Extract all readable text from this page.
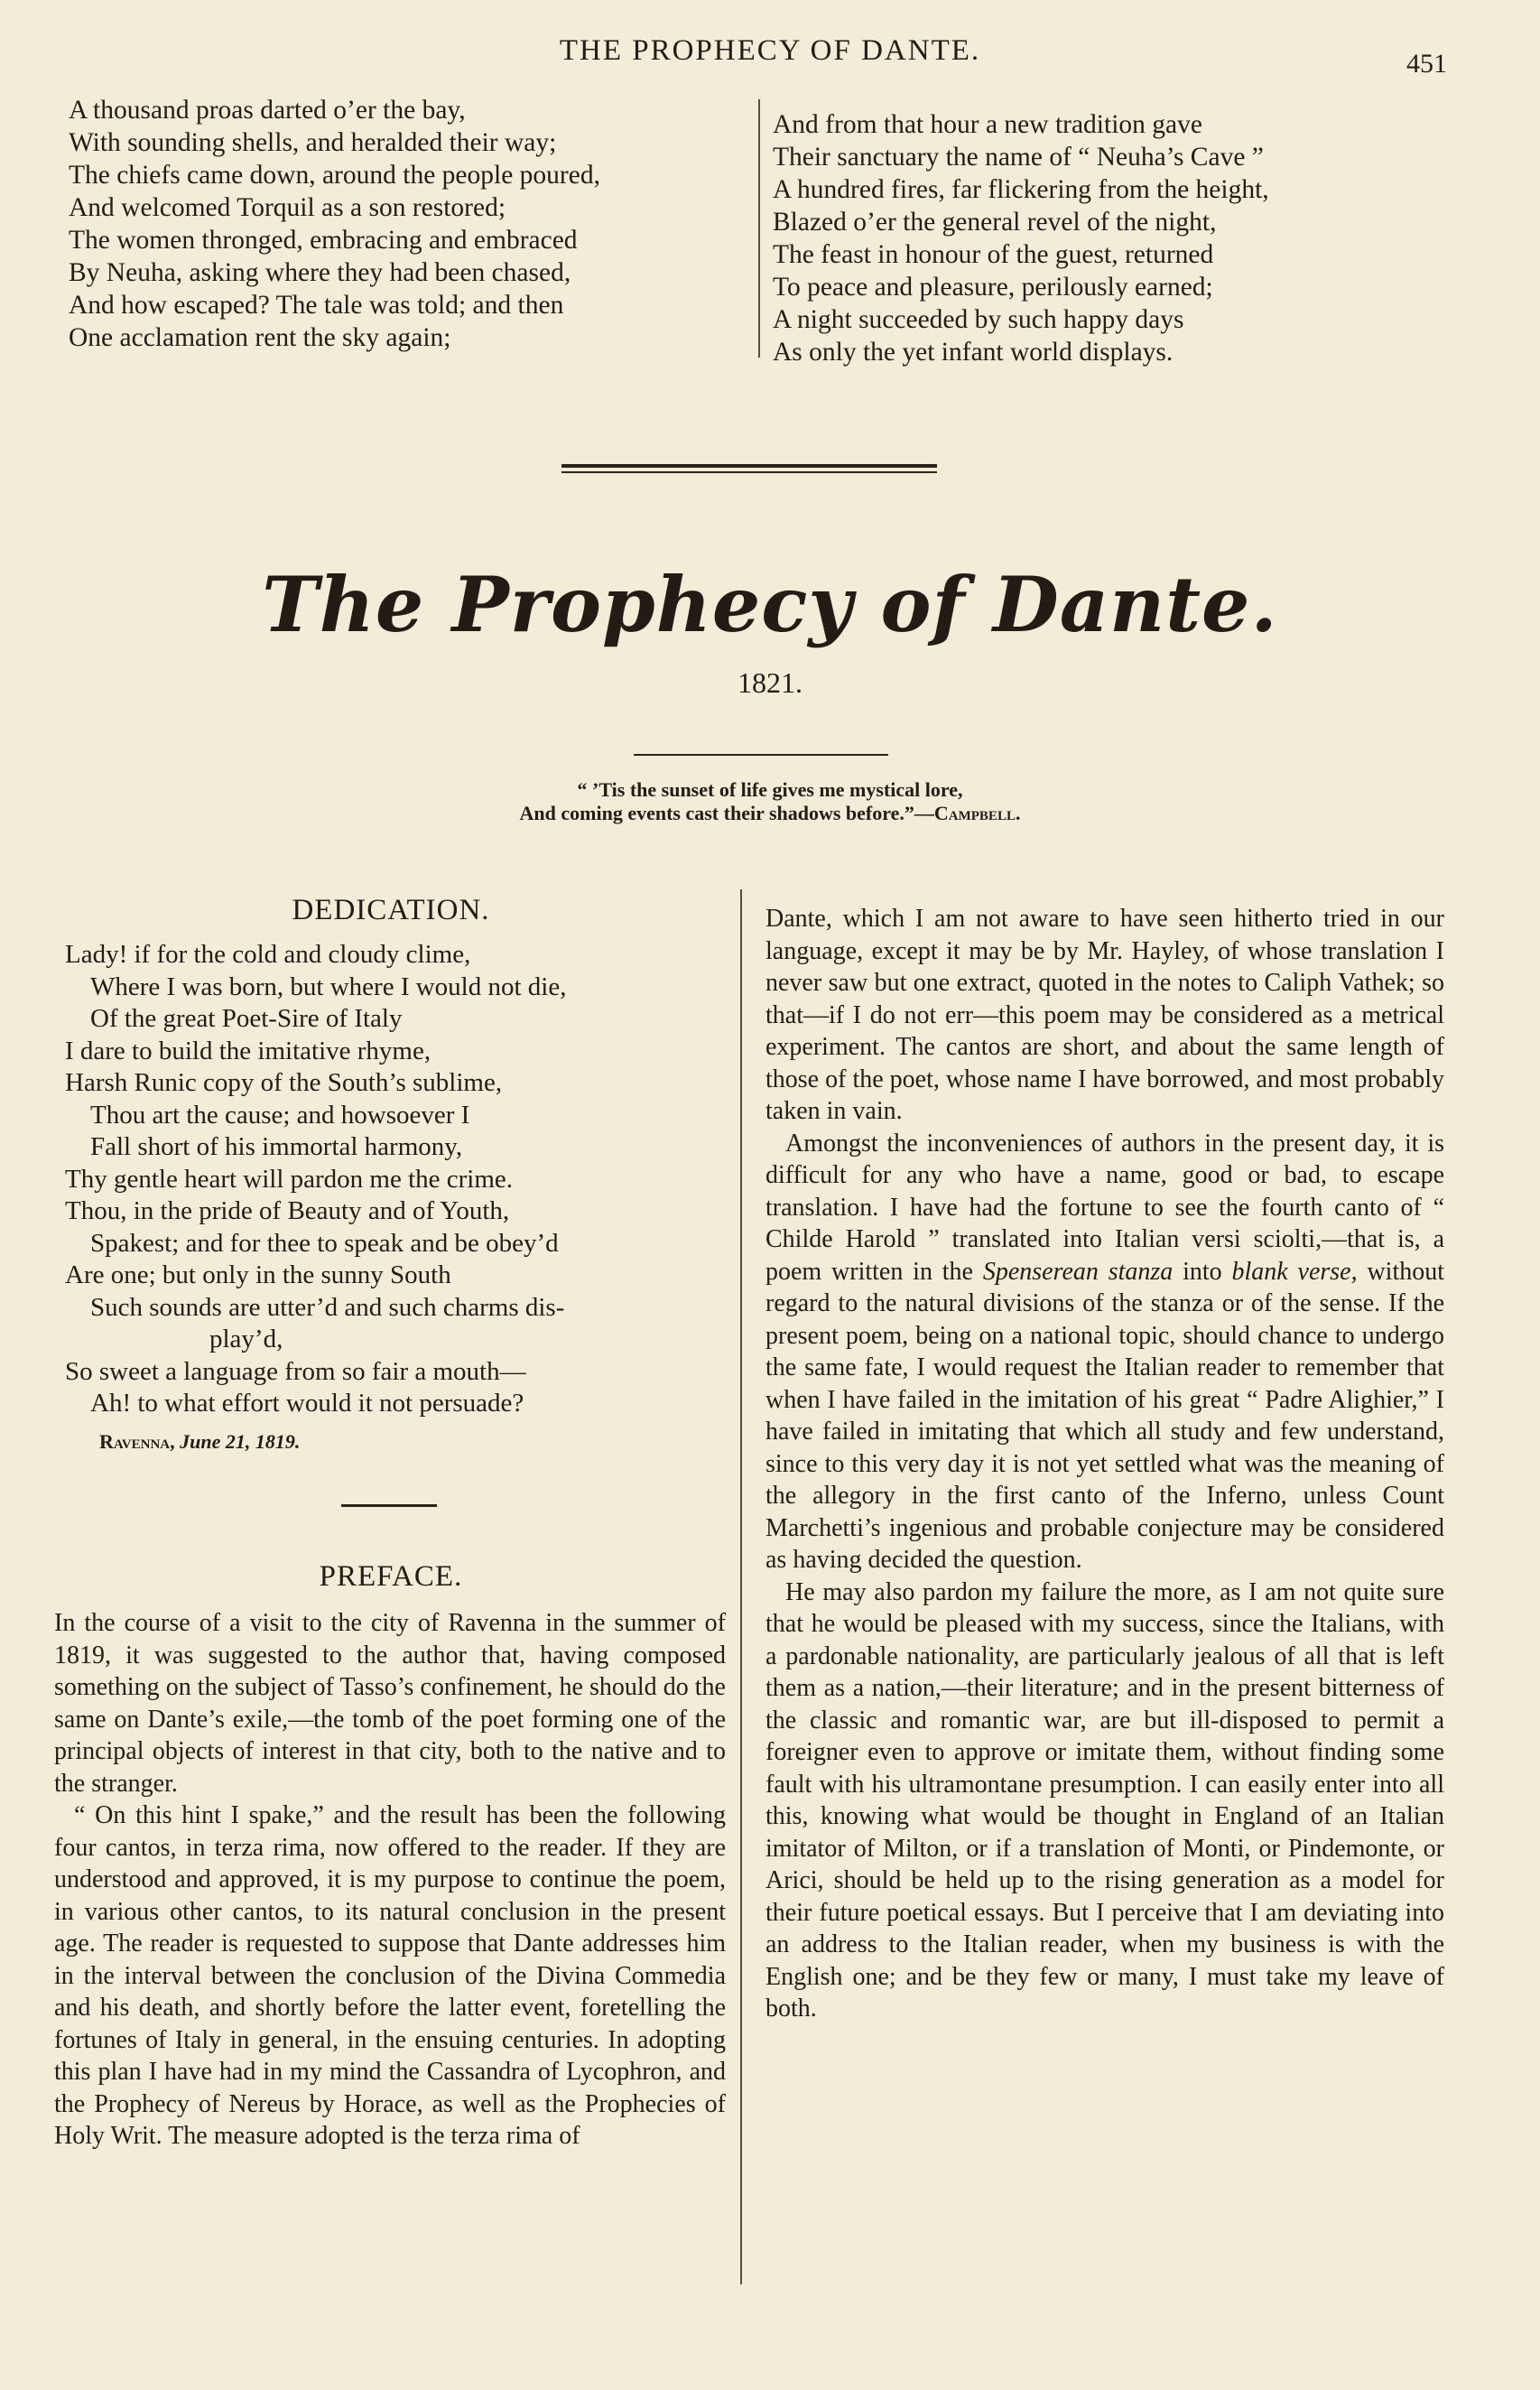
THE PROPHECY OF DANTE.	451
A thousand proas darted o’er the bay,
With sounding shells, and heralded their way;
The chiefs came down, around the people poured,
And welcomed Torquil as a son restored;
The women thronged, embracing and embraced
By Neuha, asking where they had been chased,
And how escaped? The tale was told; and then
One acclamation rent the sky again;
And from that hour a new tradition gave
Their sanctuary the name of “ Neuha’s Cave ”
A hundred fires, far flickering from the height,
Blazed o’er the general revel of the night,
The feast in honour of the guest, returned
To peace and pleasure, perilously earned;
A night succeeded by such happy days
As only the yet infant world displays.
The Prophecy of Dante.
1821.
“ ’Tis the sunset of life gives me mystical lore,
And coming events cast their shadows before.”—Campbell.
DEDICATION.
Lady! if for the cold and cloudy clime,
Where I was born, but where I would not die,
Of the great Poet-Sire of Italy
I dare to build the imitative rhyme,
Harsh Runic copy of the South’s sublime,
Thou art the cause; and howsoever I
Fall short of his immortal harmony,
Thy gentle heart will pardon me the crime.
Thou, in the pride of Beauty and of Youth,
Spakest; and for thee to speak and be obey’d
Are one; but only in the sunny South
Such sounds are utter’d and such charms dis-
play’d,
So sweet a language from so fair a mouth—
Ah! to what effort would it not persuade?
Ravenna, June 21, 1819.
PREFACE.

In the course of a visit to the city of Ravenna in the summer of 1819, it was suggested to the author that, having composed something on the subject of Tasso’s confinement, he should do the same on Dante’s exile,—the tomb of the poet forming one of the principal objects of interest in that city, both to the native and to the stranger.

“ On this hint I spake,” and the result has been the following four cantos, in terza rima, now offered to the reader. If they are understood and approved, it is my purpose to continue the poem, in various other cantos, to its natural conclusion in the present age. The reader is requested to suppose that Dante addresses him in the interval between the conclusion of the Divina Commedia and his death, and shortly before the latter event, foretelling the fortunes of Italy in general, in the ensuing centuries. In adopting this plan I have had in my mind the Cassandra of Lycophron, and the Prophecy of Nereus by Horace, as well as the Prophecies of Holy Writ. The measure adopted is the terza rima of

Dante, which I am not aware to have seen hitherto tried in our language, except it may be by Mr. Hayley, of whose translation I never saw but one extract, quoted in the notes to Caliph Vathek; so that—if I do not err—this poem may be considered as a metrical experiment. The cantos are short, and about the same length of those of the poet, whose name I have borrowed, and most probably taken in vain.

Amongst the inconveniences of authors in the present day, it is difficult for any who have a name, good or bad, to escape translation. I have had the fortune to see the fourth canto of “ Childe Harold ” translated into Italian versi sciolti,—that is, a poem written in the Spenserean stanza into blank verse, without regard to the natural divisions of the stanza or of the sense. If the present poem, being on a national topic, should chance to undergo the same fate, I would request the Italian reader to remember that when I have failed in the imitation of his great “ Padre Alighier,” I have failed in imitating that which all study and few understand, since to this very day it is not yet settled what was the meaning of the allegory in the first canto of the Inferno, unless Count Marchetti’s ingenious and probable conjecture may be considered as having decided the question.

He may also pardon my failure the more, as I am not quite sure that he would be pleased with my success, since the Italians, with a pardonable nationality, are particularly jealous of all that is left them as a nation,—their literature; and in the present bitterness of the classic and romantic war, are but ill-disposed to permit a foreigner even to approve or imitate them, without finding some fault with his ultramontane presumption. I can easily enter into all this, knowing what would be thought in England of an Italian imitator of Milton, or if a translation of Monti, or Pindemonte, or Arici, should be held up to the rising generation as a model for their future poetical essays. But I perceive that I am deviating into an address to the Italian reader, when my business is with the English one; and be they few or many, I must take my leave of both.
